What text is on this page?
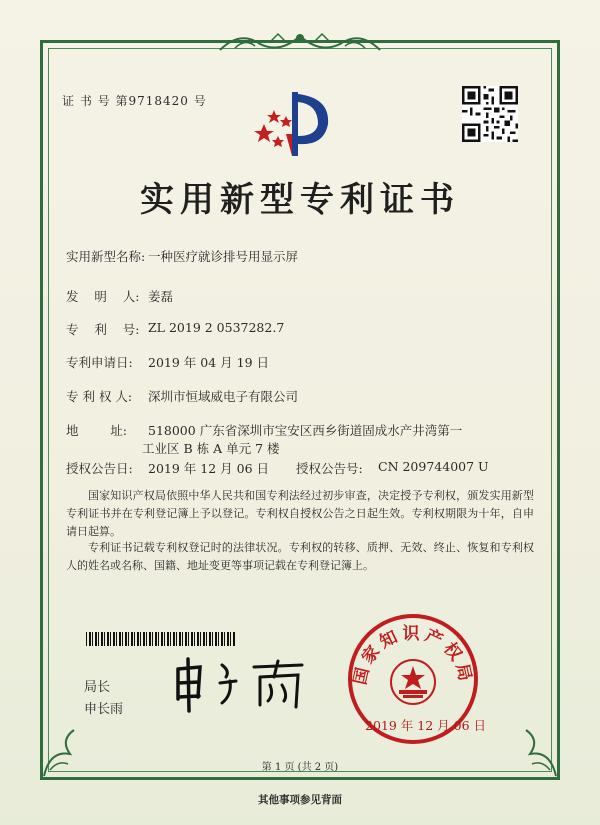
证 书 号 第9718420 号
实用新型专利证书
实用新型名称: 一种医疗就诊排号用显示屏
发    明    人: 姜磊
专    利    号: ZL 2019 2 0537282.7
专利申请日: 2019 年 04 月 19 日
专 利 权 人: 深圳市恒域威电子有限公司
地        址: 518000 广东省深圳市宝安区西乡街道固成水产井湾第一
工业区 B 栋 A 单元 7 楼
授权公告日: 2019 年 12 月 06 日 授权公告号: CN 209744007 U
国家知识产权局依照中华人民共和国专利法经过初步审查，决定授予专利权，颁发实用新型专利证书并在专利登记簿上予以登记。专利权自授权公告之日起生效。专利权期限为十年，自申请日起算。
专利证书记载专利权登记时的法律状况。专利权的转移、质押、无效、终止、恢复和专利权人的姓名或名称、国籍、地址变更等事项记载在专利登记簿上。
局长
申长雨
国家知识产权局
2019 年 12 月 06 日
第 1 页 (共 2 页)
其他事项参见背面
